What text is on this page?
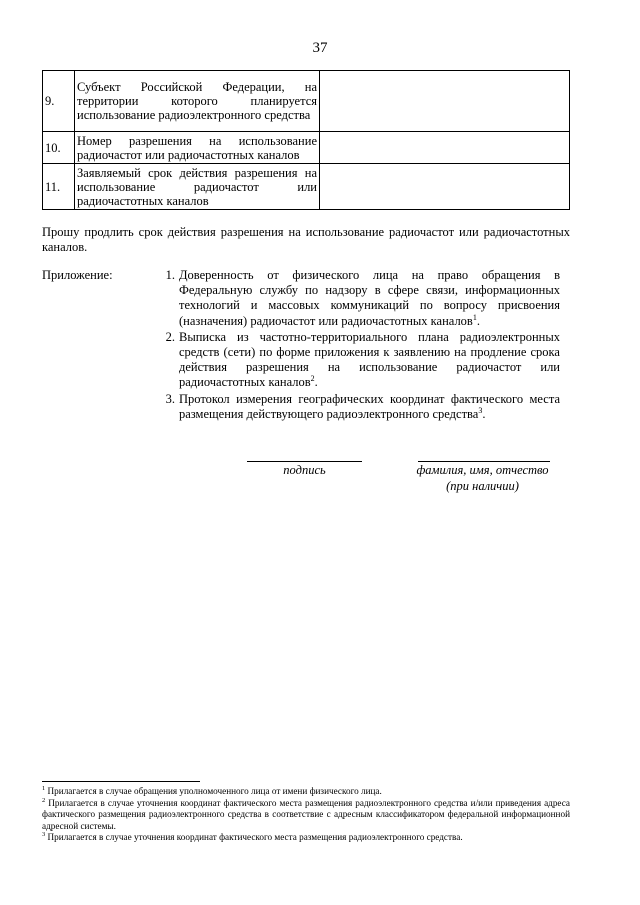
37
9.	Субъект Российской Федерации, на территории которого планируется использование радиоэлектронного средства	
10.	Номер разрешения на использование радиочастот или радиочастотных каналов	
11.	Заявляемый срок действия разрешения на использование радиочастот или радиочастотных каналов	
Прошу продлить срок действия разрешения на использование радиочастот или радиочастотных каналов.
Приложение:	1. Доверенность от физического лица на право обращения в Федеральную службу по надзору в сфере связи, информационных технологий и массовых коммуникаций по вопросу присвоения (назначения) радиочастот или радиочастотных каналов$^1$.
2. Выписка из частотно-территориального плана радиоэлектронных средств (сети) по форме приложения к заявлению на продление срока действия разрешения на использование радиочастот или радиочастотных каналов$^2$.
3. Протокол измерения географических координат фактического места размещения действующего радиоэлектронного средства$^3$.
подпись	фамилия, имя, отчество
(при наличии)

$^1$ Прилагается в случае обращения уполномоченного лица от имени физического лица.

$^2$ Прилагается в случае уточнения координат фактического места размещения радиоэлектронного средства и/или приведения адреса фактического размещения радиоэлектронного средства в соответствие с адресным классификатором федеральной информационной адресной системы.

$^3$ Прилагается в случае уточнения координат фактического места размещения радиоэлектронного средства.
